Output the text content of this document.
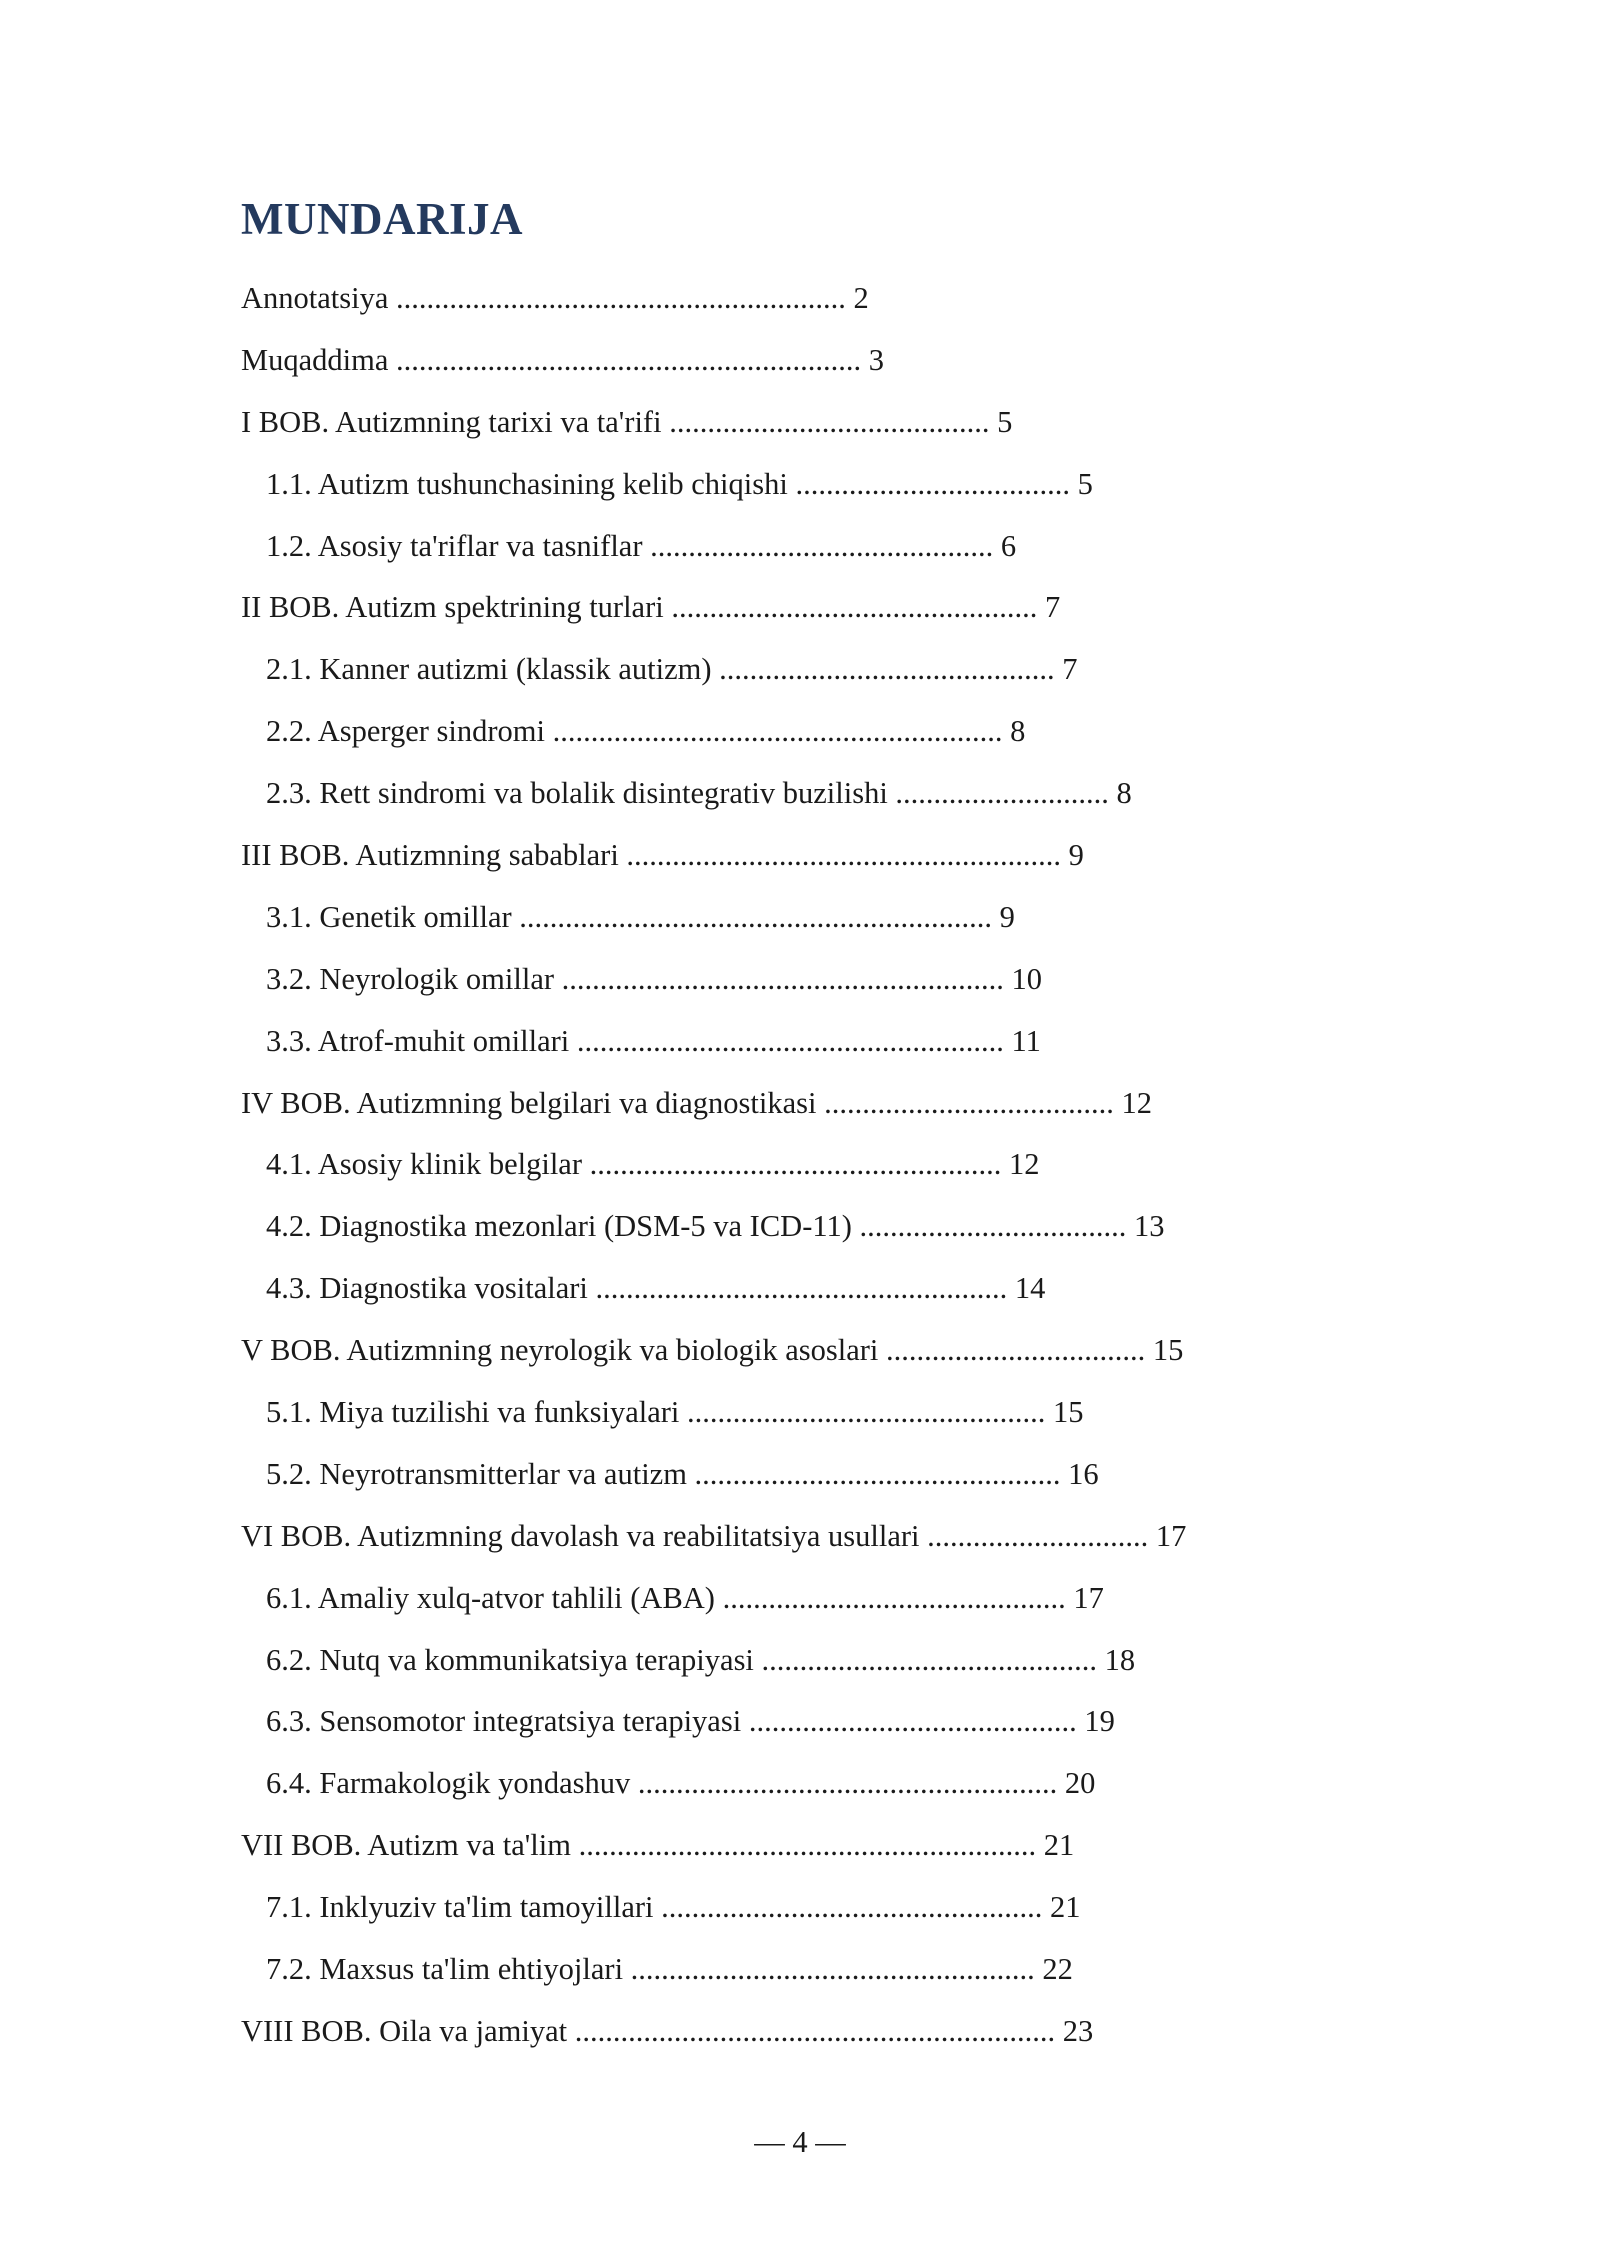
MUNDARIJA
Annotatsiya ........................................................... 2
Muqaddima ............................................................. 3
I BOB. Autizmning tarixi va ta'rifi .......................................... 5
1.1. Autizm tushunchasining kelib chiqishi .................................... 5
1.2. Asosiy ta'riflar va tasniflar ............................................. 6
II BOB. Autizm spektrining turlari ................................................ 7
2.1. Kanner autizmi (klassik autizm) ............................................ 7
2.2. Asperger sindromi ........................................................... 8
2.3. Rett sindromi va bolalik disintegrativ buzilishi ............................ 8
III BOB. Autizmning sabablari ......................................................... 9
3.1. Genetik omillar .............................................................. 9
3.2. Neyrologik omillar .......................................................... 10
3.3. Atrof-muhit omillari ........................................................ 11
IV BOB. Autizmning belgilari va diagnostikasi ...................................... 12
4.1. Asosiy klinik belgilar ...................................................... 12
4.2. Diagnostika mezonlari (DSM-5 va ICD-11) ................................... 13
4.3. Diagnostika vositalari ...................................................... 14
V BOB. Autizmning neyrologik va biologik asoslari .................................. 15
5.1. Miya tuzilishi va funksiyalari ............................................... 15
5.2. Neyrotransmitterlar va autizm ................................................ 16
VI BOB. Autizmning davolash va reabilitatsiya usullari ............................. 17
6.1. Amaliy xulq-atvor tahlili (ABA) ............................................. 17
6.2. Nutq va kommunikatsiya terapiyasi ............................................ 18
6.3. Sensomotor integratsiya terapiyasi ........................................... 19
6.4. Farmakologik yondashuv ....................................................... 20
VII BOB. Autizm va ta'lim ............................................................ 21
7.1. Inklyuziv ta'lim tamoyillari .................................................. 21
7.2. Maxsus ta'lim ehtiyojlari ..................................................... 22
VIII BOB. Oila va jamiyat ............................................................... 23
— 4 —
